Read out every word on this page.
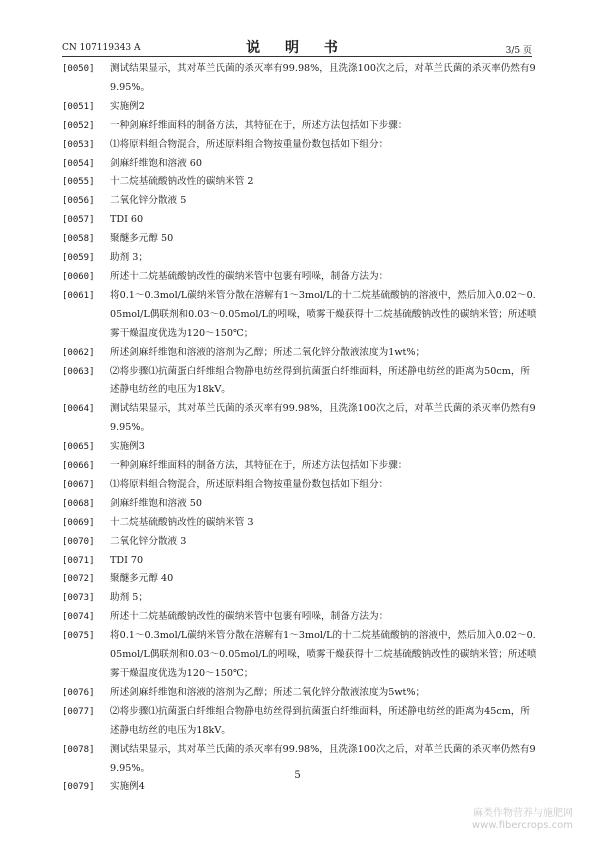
CN 107119343 A	说 明 书	3/5 页
[0050] 测试结果显示，其对革兰氏菌的杀灭率有99.98%，且洗涤100次之后，对革兰氏菌的杀灭率仍然有99.95%。
[0051] 实施例2
[0052] 一种剑麻纤维面料的制备方法，其特征在于，所述方法包括如下步骤：
[0053] ⑴将原料组合物混合，所述原料组合物按重量份数包括如下组分：
[0054] 剑麻纤维饱和溶液 60
[0055] 十二烷基硫酸钠改性的碳纳米管 2
[0056] 二氧化锌分散液 5
[0057] TDI 60
[0058] 聚醚多元醇 50
[0059] 助剂 3；
[0060] 所述十二烷基硫酸钠改性的碳纳米管中包裹有吲哚，制备方法为：
[0061] 将0.1～0.3mol/L碳纳米管分散在溶解有1～3mol/L的十二烷基硫酸钠的溶液中，然后加入0.02～0.05mol/L偶联剂和0.03～0.05mol/L的吲哚，喷雾干燥获得十二烷基硫酸钠改性的碳纳米管；所述喷雾干燥温度优选为120～150℃；
[0062] 所述剑麻纤维饱和溶液的溶剂为乙醇；所述二氧化锌分散液浓度为1wt%；
[0063] ⑵将步骤⑴抗菌蛋白纤维组合物静电纺丝得到抗菌蛋白纤维面料，所述静电纺丝的距离为50cm，所述静电纺丝的电压为18kV。
[0064] 测试结果显示，其对革兰氏菌的杀灭率有99.98%，且洗涤100次之后，对革兰氏菌的杀灭率仍然有99.95%。
[0065] 实施例3
[0066] 一种剑麻纤维面料的制备方法，其特征在于，所述方法包括如下步骤：
[0067] ⑴将原料组合物混合，所述原料组合物按重量份数包括如下组分：
[0068] 剑麻纤维饱和溶液 50
[0069] 十二烷基硫酸钠改性的碳纳米管 3
[0070] 二氧化锌分散液 3
[0071] TDI 70
[0072] 聚醚多元醇 40
[0073] 助剂 5；
[0074] 所述十二烷基硫酸钠改性的碳纳米管中包裹有吲哚，制备方法为：
[0075] 将0.1～0.3mol/L碳纳米管分散在溶解有1～3mol/L的十二烷基硫酸钠的溶液中，然后加入0.02～0.05mol/L偶联剂和0.03～0.05mol/L的吲哚，喷雾干燥获得十二烷基硫酸钠改性的碳纳米管；所述喷雾干燥温度优选为120～150℃；
[0076] 所述剑麻纤维饱和溶液的溶剂为乙醇；所述二氧化锌分散液浓度为5wt%；
[0077] ⑵将步骤⑴抗菌蛋白纤维组合物静电纺丝得到抗菌蛋白纤维面料，所述静电纺丝的距离为45cm，所述静电纺丝的电压为18kV。
[0078] 测试结果显示，其对革兰氏菌的杀灭率有99.98%，且洗涤100次之后，对革兰氏菌的杀灭率仍然有99.95%。
[0079] 实施例4
5
麻类作物营养与施肥网
www.fibercrops.com
